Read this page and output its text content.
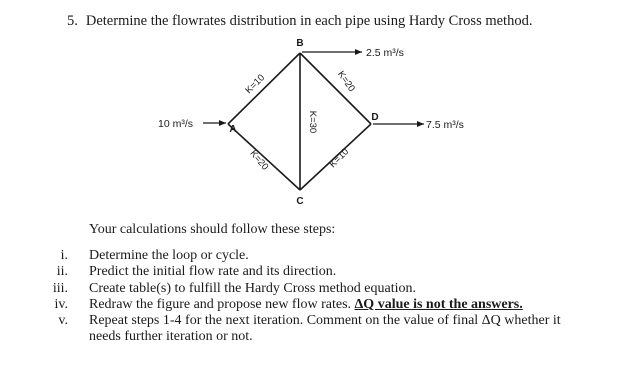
5. Determine the flowrates distribution in each pipe using Hardy Cross method.
B
A
D
C
10 m³/s
2.5 m³/s
7.5 m³/s
K=10	K=20
K=30
K=20	K=10
Your calculations should follow these steps:
i. Determine the loop or cycle.
ii. Predict the initial flow rate and its direction.
iii. Create table(s) to fulfill the Hardy Cross method equation.
iv. Redraw the figure and propose new flow rates. ΔQ value is not the answers.
v. Repeat steps 1-4 for the next iteration. Comment on the value of final ΔQ whether it needs further iteration or not.
